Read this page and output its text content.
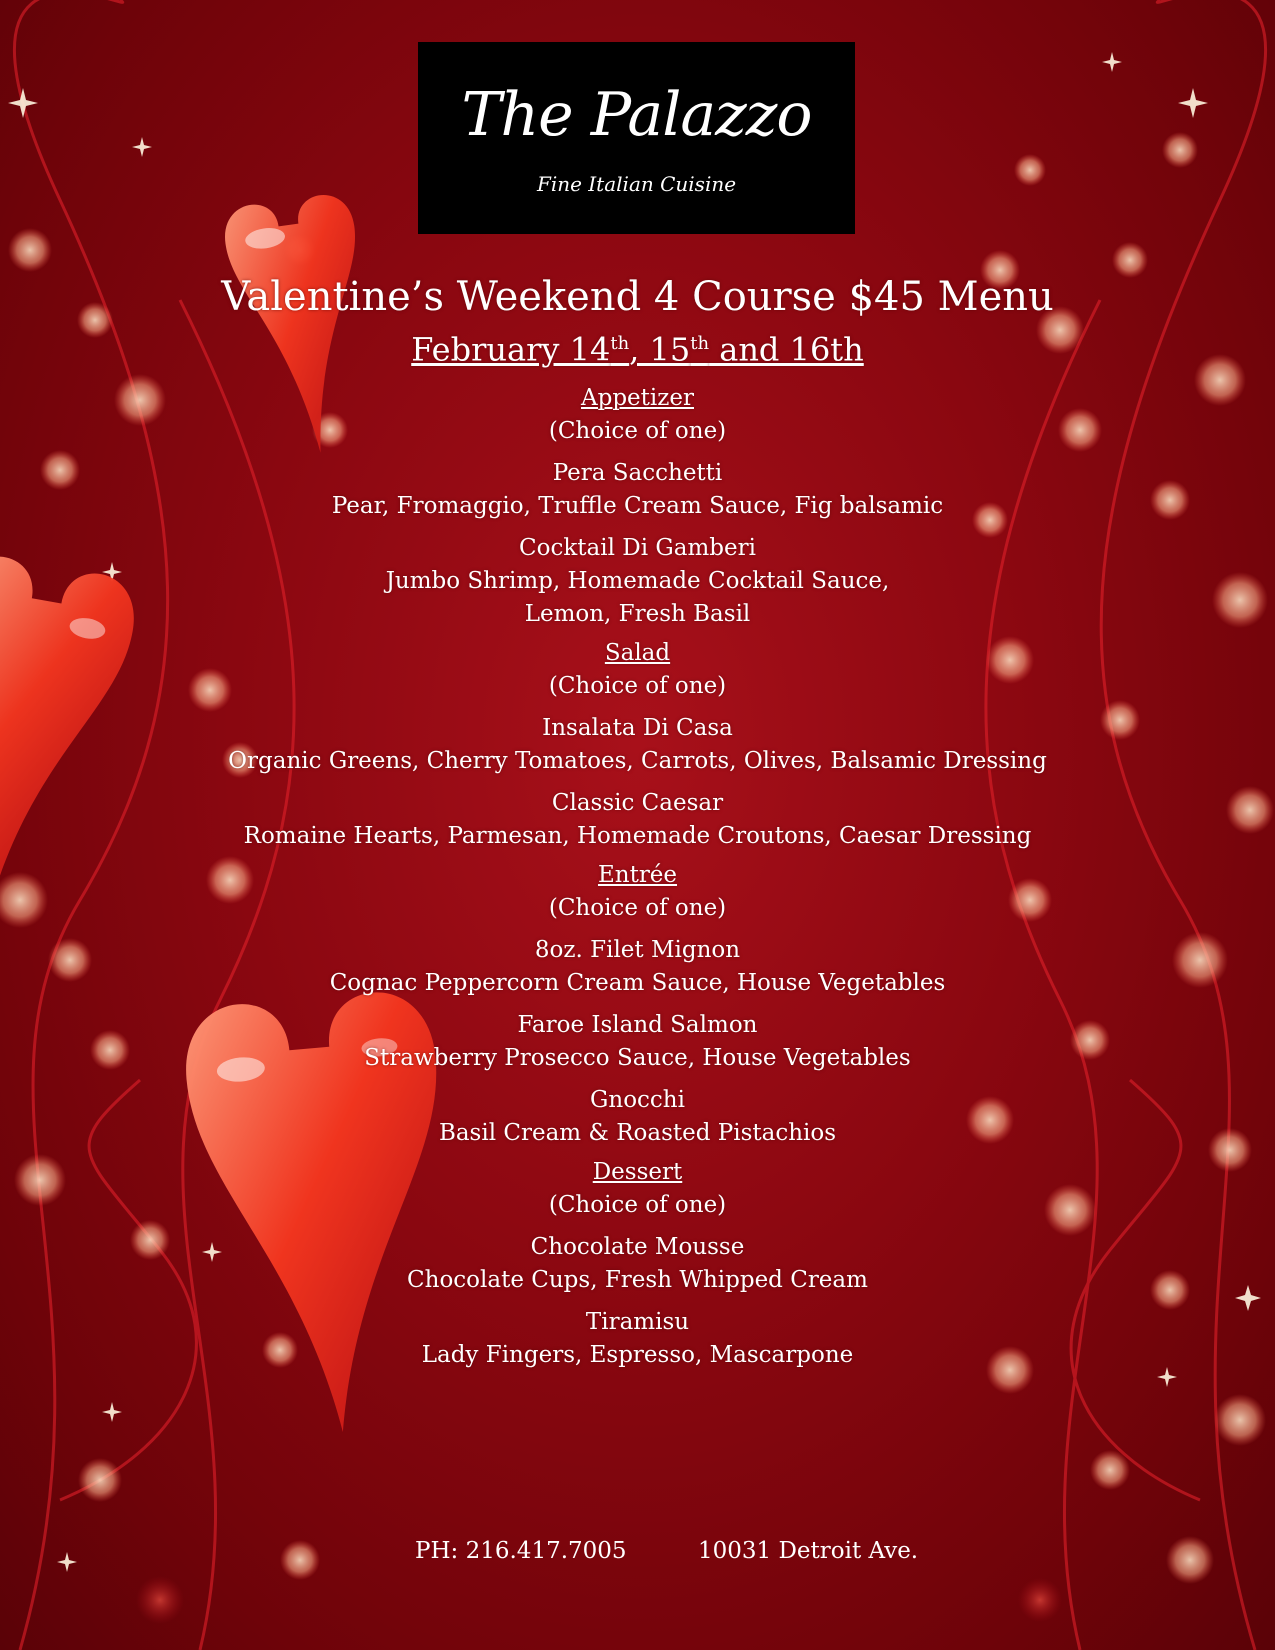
The Palazzo
Fine Italian Cuisine
Valentine’s Weekend 4 Course $45 Menu
February 14th, 15th and 16th
Appetizer
(Choice of one)
Pera Sacchetti
Pear, Fromaggio, Truffle Cream Sauce, Fig balsamic
Cocktail Di Gamberi
Jumbo Shrimp, Homemade Cocktail Sauce,
Lemon, Fresh Basil
Salad
(Choice of one)
Insalata Di Casa
Organic Greens, Cherry Tomatoes, Carrots, Olives, Balsamic Dressing
Classic Caesar
Romaine Hearts, Parmesan, Homemade Croutons, Caesar Dressing
Entrée
(Choice of one)
8oz. Filet Mignon
Cognac Peppercorn Cream Sauce, House Vegetables
Faroe Island Salmon
Strawberry Prosecco Sauce, House Vegetables
Gnocchi
Basil Cream & Roasted Pistachios
Dessert
(Choice of one)
Chocolate Mousse
Chocolate Cups, Fresh Whipped Cream
Tiramisu
Lady Fingers, Espresso, Mascarpone
PH: 216.417.7005	10031 Detroit Ave.
